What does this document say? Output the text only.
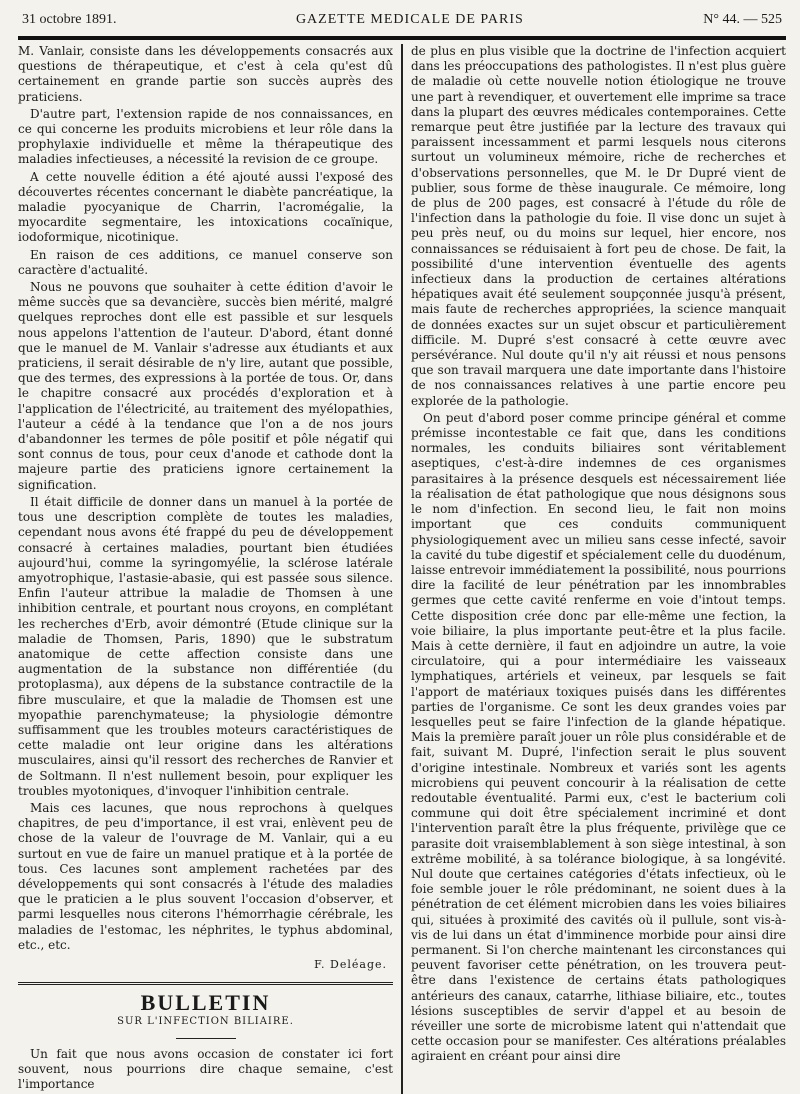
31 octobre 1891.	GAZETTE MEDICALE DE PARIS	N° 44. — 525

M. Vanlair, consiste dans les développements consacrés aux questions de thérapeutique, et c'est à cela qu'est dû certainement en grande partie son succès auprès des praticiens.

D'autre part, l'extension rapide de nos connaissances, en ce qui concerne les produits microbiens et leur rôle dans la prophylaxie individuelle et même la thérapeutique des maladies infectieuses, a nécessité la revision de ce groupe.

A cette nouvelle édition a été ajouté aussi l'exposé des découvertes récentes concernant le diabète pancréatique, la maladie pyocyanique de Charrin, l'acromégalie, la myocardite segmentaire, les intoxications cocaïnique, iodoformique, nicotinique.

En raison de ces additions, ce manuel conserve son caractère d'actualité.

Nous ne pouvons que souhaiter à cette édition d'avoir le même succès que sa devancière, succès bien mérité, malgré quelques reproches dont elle est passible et sur lesquels nous appelons l'attention de l'auteur. D'abord, étant donné que le manuel de M. Vanlair s'adresse aux étudiants et aux praticiens, il serait désirable de n'y lire, autant que possible, que des termes, des expressions à la portée de tous. Or, dans le chapitre consacré aux procédés d'exploration et à l'application de l'électricité, au traitement des myélopathies, l'auteur a cédé à la tendance que l'on a de nos jours d'abandonner les termes de pôle positif et pôle négatif qui sont connus de tous, pour ceux d'anode et cathode dont la majeure partie des praticiens ignore certainement la signification.

Il était difficile de donner dans un manuel à la portée de tous une description complète de toutes les maladies, cependant nous avons été frappé du peu de développement consacré à certaines maladies, pourtant bien étudiées aujourd'hui, comme la syringomyélie, la sclérose latérale amyotrophique, l'astasie-abasie, qui est passée sous silence. Enfin l'auteur attribue la maladie de Thomsen à une inhibition centrale, et pourtant nous croyons, en complétant les recherches d'Erb, avoir démontré (Etude clinique sur la maladie de Thomsen, Paris, 1890) que le substratum anatomique de cette affection consiste dans une augmentation de la substance non différentiée (du protoplasma), aux dépens de la substance contractile de la fibre musculaire, et que la maladie de Thomsen est une myopathie parenchymateuse; la physiologie démontre suffisamment que les troubles moteurs caractéristiques de cette maladie ont leur origine dans les altérations musculaires, ainsi qu'il ressort des recherches de Ranvier et de Soltmann. Il n'est nullement besoin, pour expliquer les troubles myotoniques, d'invoquer l'inhibition centrale.

Mais ces lacunes, que nous reprochons à quelques chapitres, de peu d'importance, il est vrai, enlèvent peu de chose de la valeur de l'ouvrage de M. Vanlair, qui a eu surtout en vue de faire un manuel pratique et à la portée de tous. Ces lacunes sont amplement rachetées par des développements qui sont consacrés à l'étude des maladies que le praticien a le plus souvent l'occasion d'observer, et parmi lesquelles nous citerons l'hémorrhagie cérébrale, les maladies de l'estomac, les néphrites, le typhus abdominal, etc., etc.

F. Deléage.
BULLETIN
SUR L'INFECTION BILIAIRE.

Un fait que nous avons occasion de constater ici fort souvent, nous pourrions dire chaque semaine, c'est l'importance

de plus en plus visible que la doctrine de l'infection acquiert dans les préoccupations des pathologistes. Il n'est plus guère de maladie où cette nouvelle notion étiologique ne trouve une part à revendiquer, et ouvertement elle imprime sa trace dans la plupart des œuvres médicales contemporaines. Cette remarque peut être justifiée par la lecture des travaux qui paraissent incessamment et parmi lesquels nous citerons surtout un volumineux mémoire, riche de recherches et d'observations personnelles, que M. le Dr Dupré vient de publier, sous forme de thèse inaugurale. Ce mémoire, long de plus de 200 pages, est consacré à l'étude du rôle de l'infection dans la pathologie du foie. Il vise donc un sujet à peu près neuf, ou du moins sur lequel, hier encore, nos connaissances se réduisaient à fort peu de chose. De fait, la possibilité d'une intervention éventuelle des agents infectieux dans la production de certaines altérations hépatiques avait été seulement soupçonnée jusqu'à présent, mais faute de recherches appropriées, la science manquait de données exactes sur un sujet obscur et particulièrement difficile. M. Dupré s'est consacré à cette œuvre avec persévérance. Nul doute qu'il n'y ait réussi et nous pensons que son travail marquera une date importante dans l'histoire de nos connaissances relatives à une partie encore peu explorée de la pathologie.

On peut d'abord poser comme principe général et comme prémisse incontestable ce fait que, dans les conditions normales, les conduits biliaires sont véritablement aseptiques, c'est-à-dire indemnes de ces organismes parasitaires à la présence desquels est nécessairement liée la réalisation de état pathologique que nous désignons sous le nom d'infection. En second lieu, le fait non moins important que ces conduits communiquent physiologiquement avec un milieu sans cesse infecté, savoir la cavité du tube digestif et spécialement celle du duodénum, laisse entrevoir immédiatement la possibilité, nous pourrions dire la facilité de leur pénétration par les innombrables germes que cette cavité renferme en voie d'intout temps. Cette disposition crée donc par elle-même une fection, la voie biliaire, la plus importante peut-être et la plus facile. Mais à cette dernière, il faut en adjoindre un autre, la voie circulatoire, qui a pour intermédiaire les vaisseaux lymphatiques, artériels et veineux, par lesquels se fait l'apport de matériaux toxiques puisés dans les différentes parties de l'organisme. Ce sont les deux grandes voies par lesquelles peut se faire l'infection de la glande hépatique. Mais la première paraît jouer un rôle plus considérable et de fait, suivant M. Dupré, l'infection serait le plus souvent d'origine intestinale. Nombreux et variés sont les agents microbiens qui peuvent concourir à la réalisation de cette redoutable éventualité. Parmi eux, c'est le bacterium coli commune qui doit être spécialement incriminé et dont l'intervention paraît être la plus fréquente, privilège que ce parasite doit vraisemblablement à son siège intestinal, à son extrême mobilité, à sa tolérance biologique, à sa longévité. Nul doute que certaines catégories d'états infectieux, où le foie semble jouer le rôle prédominant, ne soient dues à la pénétration de cet élément microbien dans les voies biliaires qui, situées à proximité des cavités où il pullule, sont vis-à-vis de lui dans un état d'imminence morbide pour ainsi dire permanent. Si l'on cherche maintenant les circonstances qui peuvent favoriser cette pénétration, on les trouvera peut-être dans l'existence de certains états pathologiques antérieurs des canaux, catarrhe, lithiase biliaire, etc., toutes lésions susceptibles de servir d'appel et au besoin de réveiller une sorte de microbisme latent qui n'attendait que cette occasion pour se manifester. Ces altérations préalables agiraient en créant pour ainsi dire
